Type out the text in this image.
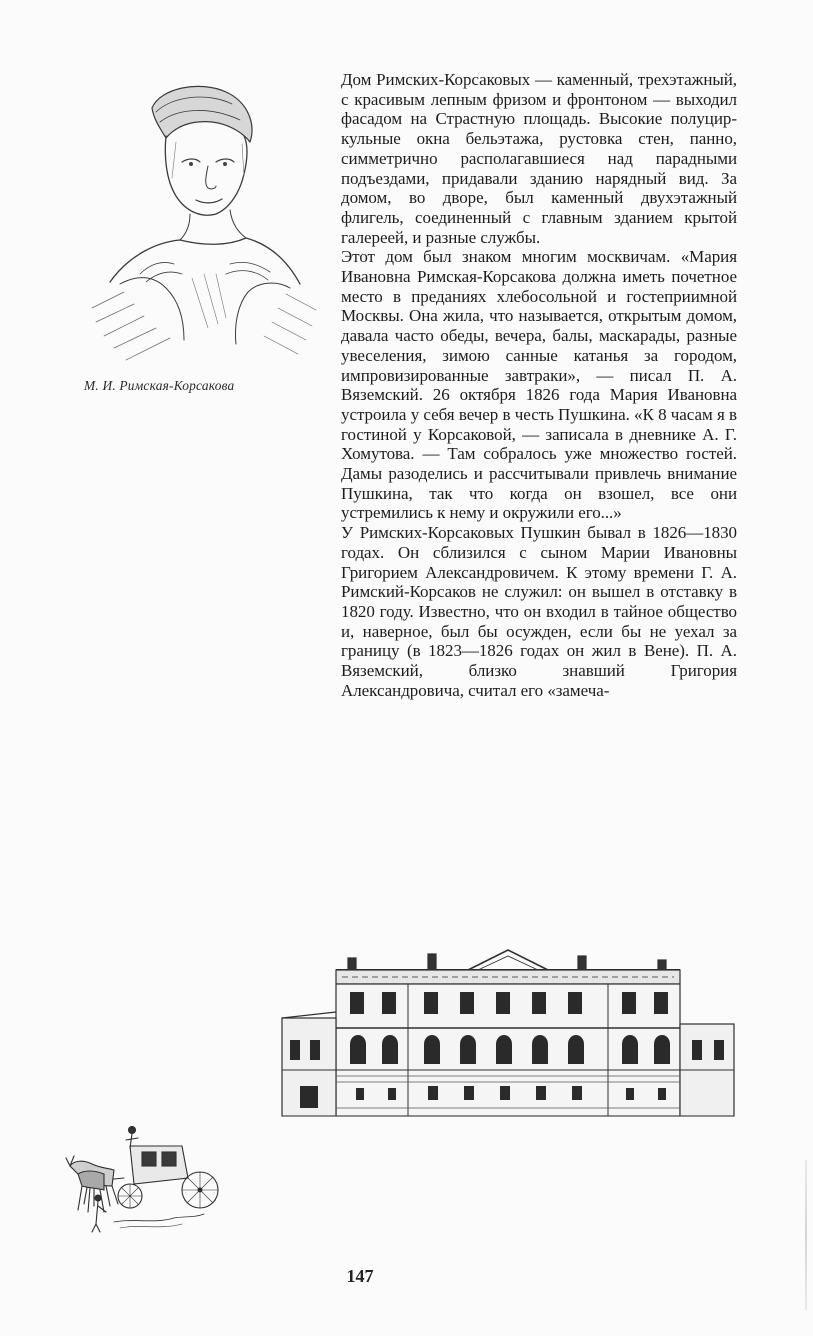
М. И. Римская-Корсакова

Дом Римских-Корсаковых — каменный, трехэтажный, с красивым лепным фризом и фронтоном — выходил фасадом на Страстную площадь. Высокие полуциркульные окна бельэтажа, рустовка стен, панно, симметрично располагавшиеся над парадными подъездами, придавали зданию нарядный вид. За домом, во дворе, был каменный двухэтажный флигель, соединенный с главным зданием крытой галереей, и разные службы.

Этот дом был знаком многим москвичам. «Мария Ивановна Римская-Корсакова должна иметь почетное место в преданиях хлебосольной и гостеприимной Москвы. Она жила, что называется, открытым домом, давала часто обеды, вечера, балы, маскарады, разные увеселения, зимою санные катанья за городом, импровизированные завтраки», — писал П. А. Вяземский. 26 октября 1826 года Мария Ивановна устроила у себя вечер в честь Пушкина. «К 8 часам я в гостиной у Корсаковой, — записала в дневнике А. Г. Хомутова. — Там собралось уже множество гостей. Дамы разоделись и рассчитывали привлечь внимание Пушкина, так что когда он взошел, все они устремились к нему и окружили его...»

У Римских-Корсаковых Пушкин бывал в 1826—1830 годах. Он сблизился с сыном Марии Ивановны Григорием Александровичем. К этому времени Г. А. Римский-Корсаков не служил: он вышел в отставку в 1820 году. Известно, что он входил в тайное общество и, наверное, был бы осужден, если бы не уехал за границу (в 1823—1826 годах он жил в Вене). П. А. Вяземский, близко знавший Григория Александровича, считал его «замеча-

147
